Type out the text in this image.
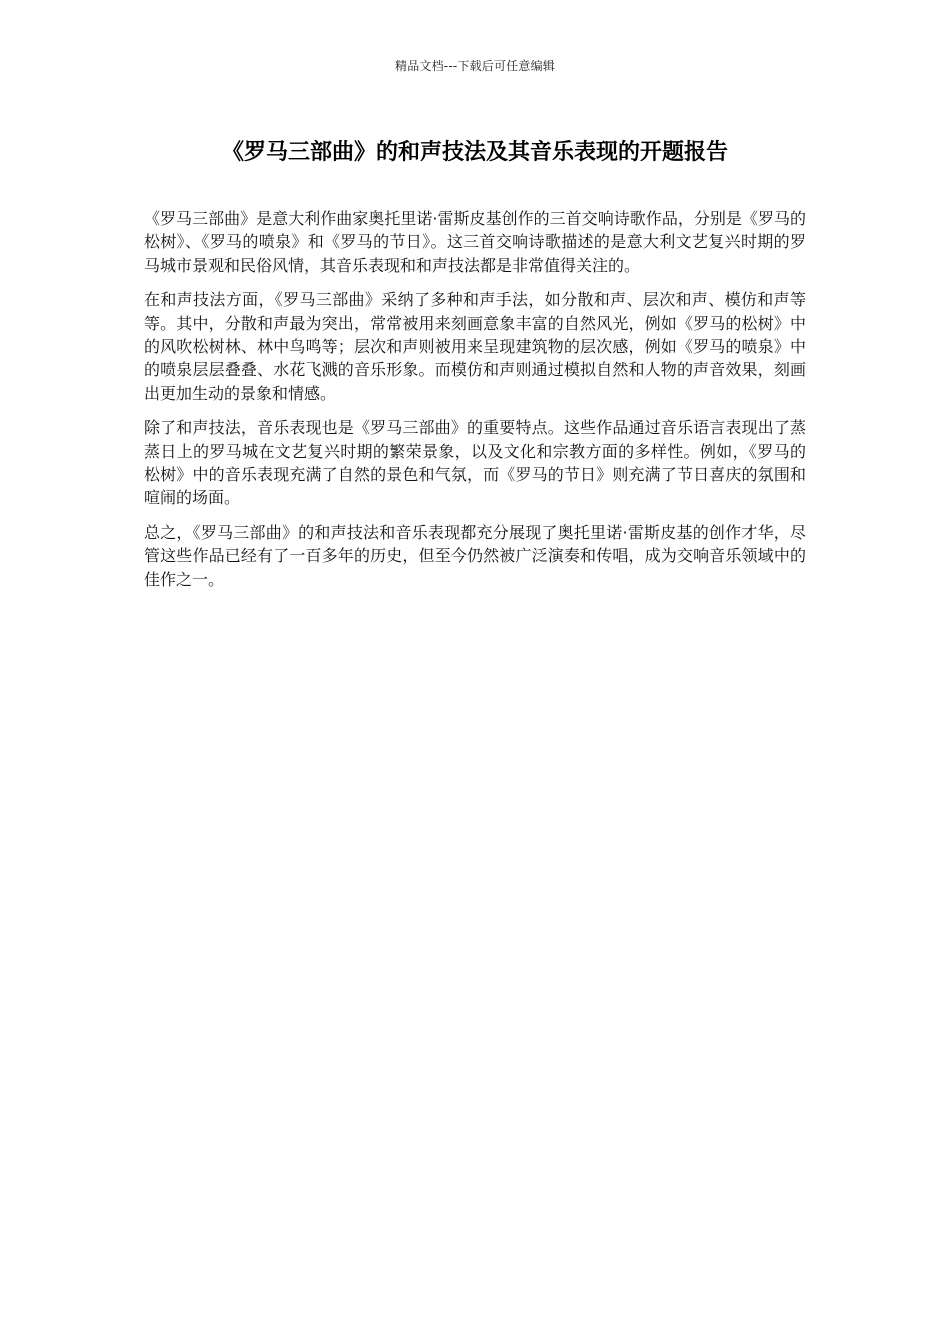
精品文档---下载后可任意编辑
《罗马三部曲》的和声技法及其音乐表现的开题报告

《罗马三部曲》是意大利作曲家奥托里诺·雷斯皮基创作的三首交响诗歌作品，分别是《罗马的松树》、《罗马的喷泉》和《罗马的节日》。这三首交响诗歌描述的是意大利文艺复兴时期的罗马城市景观和民俗风情，其音乐表现和和声技法都是非常值得关注的。

在和声技法方面，《罗马三部曲》采纳了多种和声手法，如分散和声、层次和声、模仿和声等等。其中，分散和声最为突出，常常被用来刻画意象丰富的自然风光，例如《罗马的松树》中的风吹松树林、林中鸟鸣等；层次和声则被用来呈现建筑物的层次感，例如《罗马的喷泉》中的喷泉层层叠叠、水花飞溅的音乐形象。而模仿和声则通过模拟自然和人物的声音效果，刻画出更加生动的景象和情感。

除了和声技法，音乐表现也是《罗马三部曲》的重要特点。这些作品通过音乐语言表现出了蒸蒸日上的罗马城在文艺复兴时期的繁荣景象，以及文化和宗教方面的多样性。例如，《罗马的松树》中的音乐表现充满了自然的景色和气氛，而《罗马的节日》则充满了节日喜庆的氛围和喧闹的场面。

总之，《罗马三部曲》的和声技法和音乐表现都充分展现了奥托里诺·雷斯皮基的创作才华，尽管这些作品已经有了一百多年的历史，但至今仍然被广泛演奏和传唱，成为交响音乐领域中的佳作之一。
